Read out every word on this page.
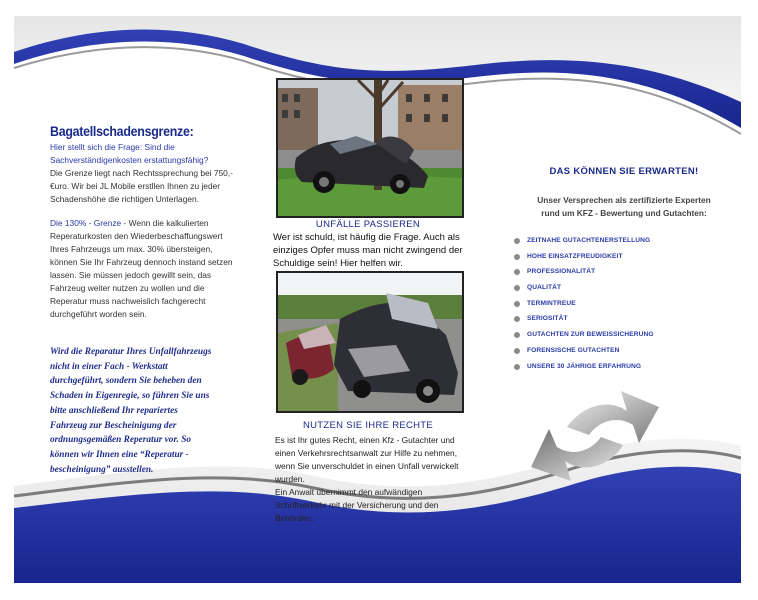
Bagatellschadensgrenze:
Hier stellt sich die Frage: Sind die
Sachverständigenkosten erstattungsfähig?
Die Grenze liegt nach Rechtssprechung bei 750,-
€uro. Wir bei JL Mobile erstllen Ihnen zu jeder
Schadenshöhe die richtigen Unterlagen.
Die 130% - Grenze - Wenn die kalkulierten
Reperaturkosten den Wiederbeschaffungswert
Ihres Fahrzeugs um max. 30% übersteigen,
können Sie Ihr Fahrzeug dennoch instand setzen
lassen. Sie müssen jedoch gewillt sein, das
Fahrzeug weiter nutzen zu wollen und die
Reperatur muss nachweislich fachgerecht
durchgeführt worden sein.
Wird die Reparatur Ihres Unfallfahrzeugs
nicht in einer Fach - Werkstatt
durchgeführt, sondern Sie beheben den
Schaden in Eigenregie, so führen Sie uns
bitte anschließend Ihr repariertes
Fahrzeug zur Bescheinigung der
ordnungsgemäßen Reperatur vor. So
können wir Ihnen eine “Reperatur -
bescheinigung” ausstellen.
UNFÄLLE PASSIEREN
Wer ist schuld, ist häufig die Frage. Auch als
einziges Opfer muss man nicht zwingend der
Schuldige sein! Hier helfen wir.
NUTZEN SIE IHRE RECHTE
Es ist Ihr gutes Recht, einen Kfz - Gutachter und
einen Verkehrsrechtsanwalt zur Hilfe zu nehmen,
wenn Sie unverschuldet in einen Unfall verwickelt
wurden.
Ein Anwalt übernimmt den aufwändigen
Schriftverkehr mit der Versicherung und den
Behörden.
DAS KÖNNEN SIE ERWARTEN!
Unser Versprechen als zertifizierte Experten
rund um KFZ - Bewertung und Gutachten:
ZEITNAHE GUTACHTENERSTELLUNG
HOHE EINSATZFREUDIGKEIT
PROFESSIONALITÄT
QUALITÄT
TERMINTREUE
SERIOSITÄT
GUTACHTEN ZUR BEWEISSICHERUNG
FORENSISCHE GUTACHTEN
UNSERE 30 JÄHRIGE ERFAHRUNG
